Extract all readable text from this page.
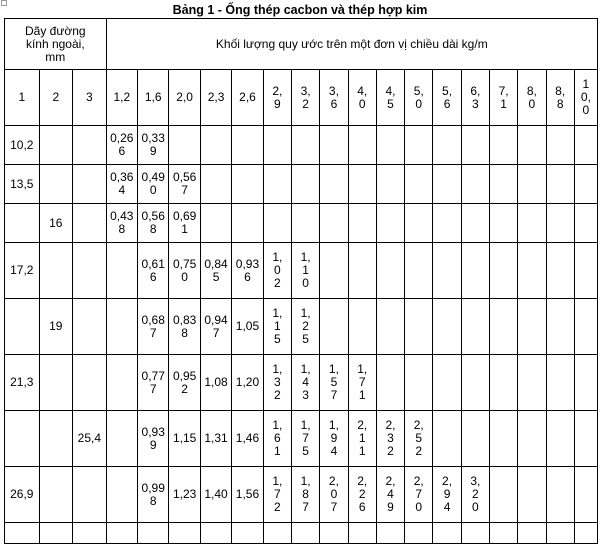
Bảng 1 - Ống thép cacbon và thép hợp kim
Dãy đường kính ngoài, mm			Khối lượng quy ước trên một đơn vị chiều dài kg/m																
1	2	3	1,2	1,6	2,0	2,3	2,6	2,9	3,2	3,6	4,0	4,5	5,0	5,6	6,3	7,1	8,0	8,8	10,0
10,2			0,266	0,339															
13,5			0,364	0,490	0,567														
	16		0,438	0,568	0,691														
17,2				0,616	0,750	0,845	0,936	1,02	1,10										
	19			0,687	0,838	0,947	1,05	1,15	1,25										
21,3				0,777	0,952	1,08	1,20	1,32	1,43	1,57	1,71								
		25,4		0,939	1,15	1,31	1,46	1,61	1,75	1,94	2,11	2,32	2,52						
26,9				0,998	1,23	1,40	1,56	1,72	1,87	2,07	2,26	2,49	2,70	2,94	3,20				
